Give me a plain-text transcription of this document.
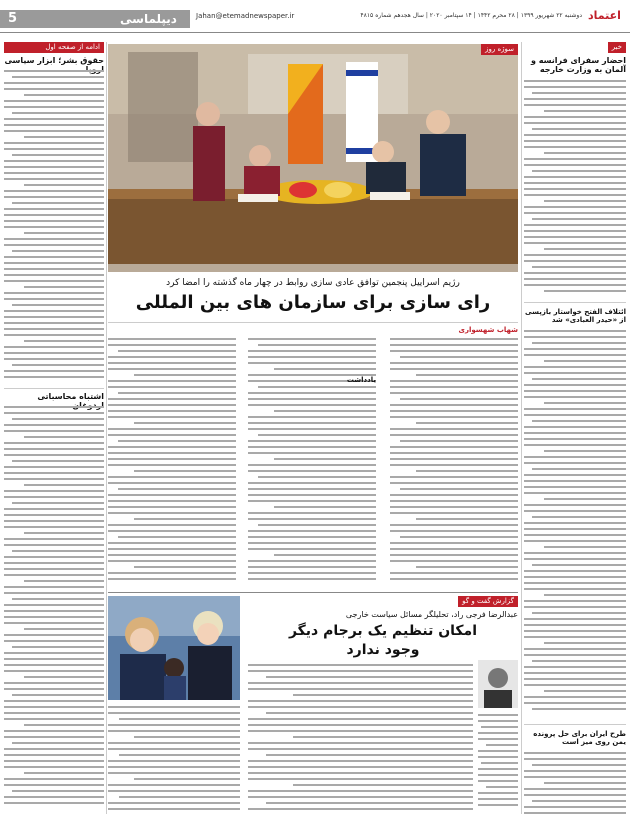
5	دیپلماسی	Jahan@etemadnewspaper.ir	دوشنبه ۲۲ شهریور ۱۳۹۹ | ۲۸ محرم ۱۴۴۲ | ۱۴ سپتامبر ۲۰۲۰ | سال هجدهم شماره ۴۸۱۵ اعتماد
ادامه از صفحه اول
حقوق بشر؛ ابزار سیاسی
اشتباه محاسباتی
سوژه روز
رژیم اسراییل پنجمین توافق عادی سازی روابط در چهار ماه گذشته را امضا کرد
رای سازی برای سازمان های بین المللی
شهاب شهسواری
یادداشت
گزارش گفت و گو
عبدالرضا فرجی راد، تحلیلگر مسائل سیاست خارجی
امکان تنظیم یک برجام دیگر
وجود ندارد
خبر
احضار سفرای فرانسه و آلمان به وزارت خارجه
ائتلاف الفتح خواستار بازپسی از «حیدر العبادی» شد
طرح ایران برای حل پرونده یمن روی میز است
